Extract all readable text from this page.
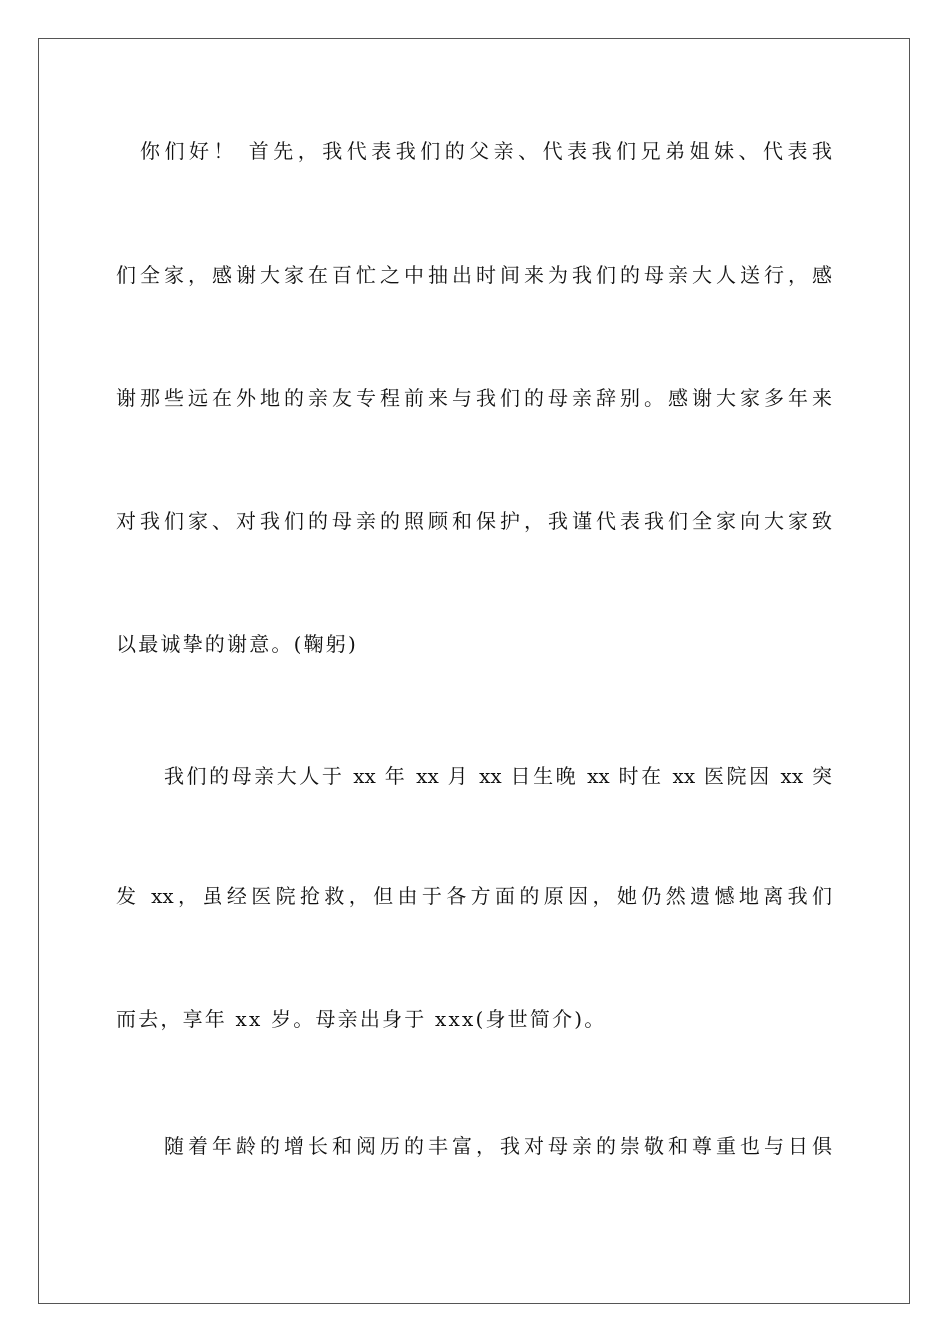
你们好！ 首先，我代表我们的父亲、代表我们兄弟姐妹、代表我
们全家，感谢大家在百忙之中抽出时间来为我们的母亲大人送行，感
谢那些远在外地的亲友专程前来与我们的母亲辞别。感谢大家多年来
对我们家、对我们的母亲的照顾和保护，我谨代表我们全家向大家致
以最诚挚的谢意。(鞠躬)
我们的母亲大人于 xx 年 xx 月 xx 日生晚 xx 时在 xx 医院因 xx 突
发 xx，虽经医院抢救，但由于各方面的原因，她仍然遗憾地离我们
而去，享年 xx 岁。母亲出身于 xxx(身世简介)。
随着年龄的增长和阅历的丰富，我对母亲的崇敬和尊重也与日俱
